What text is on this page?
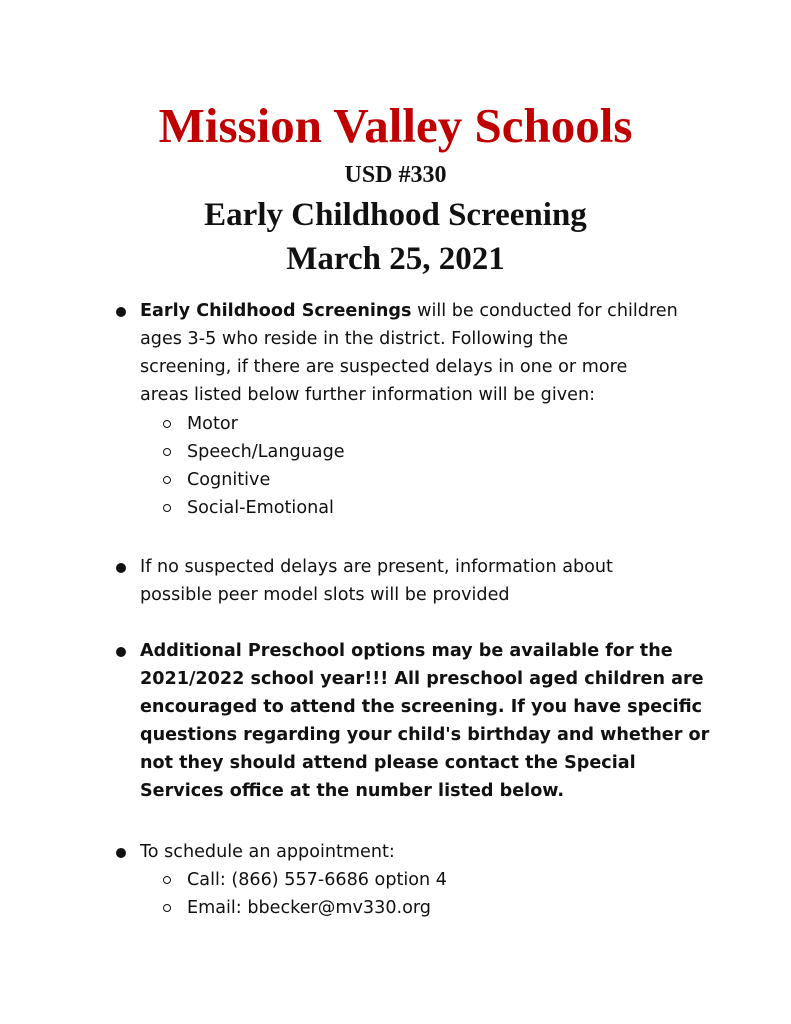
Mission Valley Schools
USD #330
Early Childhood Screening
March 25, 2021
Early Childhood Screenings will be conducted for children
ages 3-5 who reside in the district. Following the
screening, if there are suspected delays in one or more
areas listed below further information will be given:
Motor
Speech/Language
Cognitive
Social-Emotional
If no suspected delays are present, information about
possible peer model slots will be provided
Additional Preschool options may be available for the
2021/2022 school year!!! All preschool aged children are
encouraged to attend the screening. If you have specific
questions regarding your child's birthday and whether or
not they should attend please contact the Special
Services office at the number listed below.
To schedule an appointment:
Call: (866) 557-6686 option 4
Email: bbecker@mv330.org
